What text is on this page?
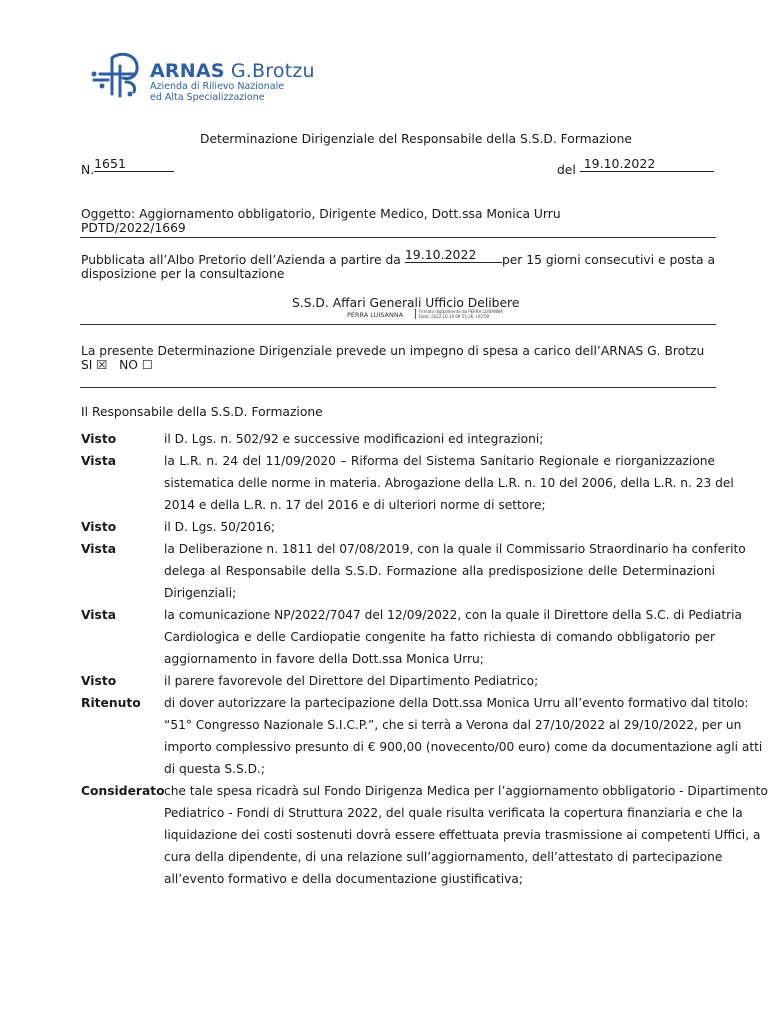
ARNAS G.Brotzu
Azienda di Rilievo Nazionale
ed Alta Specializzazione
Determinazione Dirigenziale del Responsabile della S.S.D. Formazione
N.1651	del 19.10.2022
Oggetto: Aggiornamento obbligatorio, Dirigente Medico, Dott.ssa Monica Urru
PDTD/2022/1669
Pubblicata all’Albo Pretorio dell’Azienda a partire da 19.10.2022	per 15 giorni consecutivi e posta a
disposizione per la consultazione
S.S.D. Affari Generali Ufficio Delibere
PERRA LUISANNA	Firmato digitalmente da PERRA LUISANNA
Data: 2022.10.19 09:55:36 +02'00'
La presente Determinazione Dirigenziale prevede un impegno di spesa a carico dell’ARNAS G. Brotzu
SI ☒ NO ☐
Il Responsabile della S.S.D. Formazione
Visto	il D. Lgs. n. 502/92 e successive modificazioni ed integrazioni;
Vista	la L.R. n. 24 del 11/09/2020 – Riforma del Sistema Sanitario Regionale e riorganizzazione
sistematica delle norme in materia. Abrogazione della L.R. n. 10 del 2006, della L.R. n. 23 del
2014 e della L.R. n. 17 del 2016 e di ulteriori norme di settore;
Visto	il D. Lgs. 50/2016;
Vista	la Deliberazione n. 1811 del 07/08/2019, con la quale il Commissario Straordinario ha conferito
delega al Responsabile della S.S.D. Formazione alla predisposizione delle Determinazioni
Dirigenziali;
Vista	la comunicazione NP/2022/7047 del 12/09/2022, con la quale il Direttore della S.C. di Pediatria
Cardiologica e delle Cardiopatie congenite ha fatto richiesta di comando obbligatorio per
aggiornamento in favore della Dott.ssa Monica Urru;
Visto	il parere favorevole del Direttore del Dipartimento Pediatrico;
Ritenuto di dover autorizzare la partecipazione della Dott.ssa Monica Urru all’evento formativo dal titolo:
“51° Congresso Nazionale S.I.C.P.”, che si terrà a Verona dal 27/10/2022 al 29/10/2022, per un
importo complessivo presunto di € 900,00 (novecento/00 euro) come da documentazione agli atti
di questa S.S.D.;
Considerato che tale spesa ricadrà sul Fondo Dirigenza Medica per l’aggiornamento obbligatorio - Dipartimento
Pediatrico - Fondi di Struttura 2022, del quale risulta verificata la copertura finanziaria e che la
liquidazione dei costi sostenuti dovrà essere effettuata previa trasmissione ai competenti Uffici, a
cura della dipendente, di una relazione sull’aggiornamento, dell’attestato di partecipazione
all’evento formativo e della documentazione giustificativa;
